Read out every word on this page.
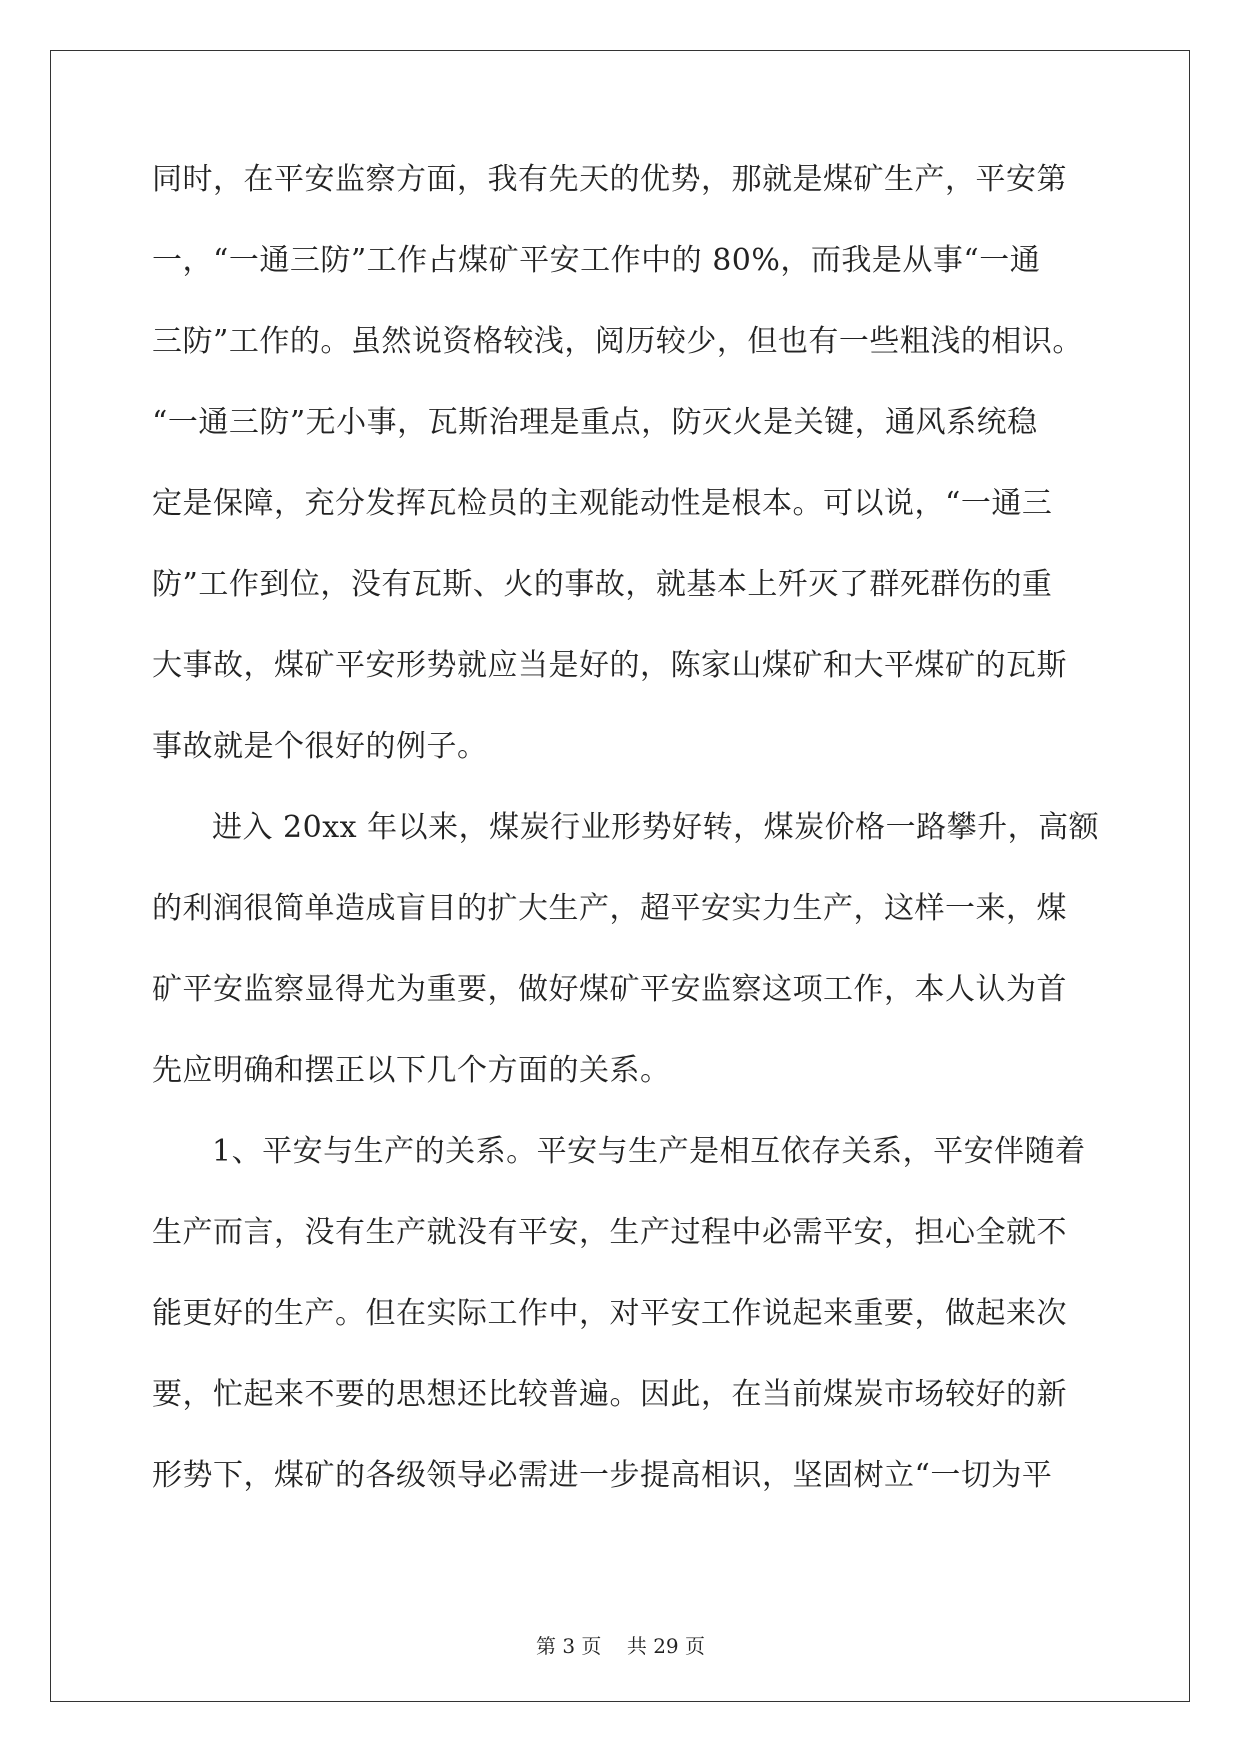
同时，在平安监察方面，我有先天的优势，那就是煤矿生产，平安第
一，“一通三防”工作占煤矿平安工作中的 80%，而我是从事“一通
三防”工作的。虽然说资格较浅，阅历较少，但也有一些粗浅的相识。
“一通三防”无小事，瓦斯治理是重点，防灭火是关键，通风系统稳
定是保障，充分发挥瓦检员的主观能动性是根本。可以说，“一通三
防”工作到位，没有瓦斯、火的事故，就基本上歼灭了群死群伤的重
大事故，煤矿平安形势就应当是好的，陈家山煤矿和大平煤矿的瓦斯
事故就是个很好的例子。
进入 20xx 年以来，煤炭行业形势好转，煤炭价格一路攀升，高额
的利润很简单造成盲目的扩大生产，超平安实力生产，这样一来，煤
矿平安监察显得尤为重要，做好煤矿平安监察这项工作，本人认为首
先应明确和摆正以下几个方面的关系。
1、平安与生产的关系。平安与生产是相互依存关系，平安伴随着
生产而言，没有生产就没有平安，生产过程中必需平安，担心全就不
能更好的生产。但在实际工作中，对平安工作说起来重要，做起来次
要，忙起来不要的思想还比较普遍。因此，在当前煤炭市场较好的新
形势下，煤矿的各级领导必需进一步提高相识，坚固树立“一切为平
第 3 页    共 29 页
